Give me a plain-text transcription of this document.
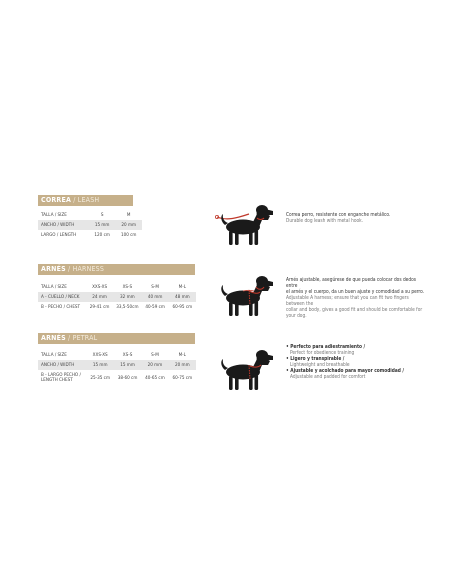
CORREA / LEASH
TALLA / SIZE	S	M
ANCHO / WIDTH	15 mm	20 mm
LARGO / LENGTH	120 cm	100 cm
Correa perro, resistente con enganche metálico.
Durable dog leash with metal hook.
ARNÉS / HARNESS
TALLA / SIZE	XXS-XS	XS-S	S-M	M-L
A - CUELLO / NECK	24 mm	32 mm	40 mm	48 mm
B - PECHO / CHEST	29-41 cm	33,5-50cm	40-59 cm	60-95 cm
Arnés ajustable, asegúrese de que pueda colocar dos dedos entre
el arnés y el cuerpo, da un buen ajuste y comodidad a su perro.
Adjustable A harness; ensure that you can fit two fingers between the
collar and body, gives a good fit and should be comfortable for your dog.
ARNÉS / PETRAL
TALLA / SIZE	XXS-XS	XS-S	S-M	M-L
ANCHO / WIDTH	15 mm	15 mm	20 mm	20 mm

B - LARGO PECHO /
LENGTH CHEST	25-35 cm	38-60 cm	40-65 cm	60-75 cm
• Perfecto para adiestramiento /
Perfect for obedience training
• Ligero y transpirable /
Lightweight and breathable
• Ajustable y acolchado para mayor comodidad /
Adjustable and padded for comfort
